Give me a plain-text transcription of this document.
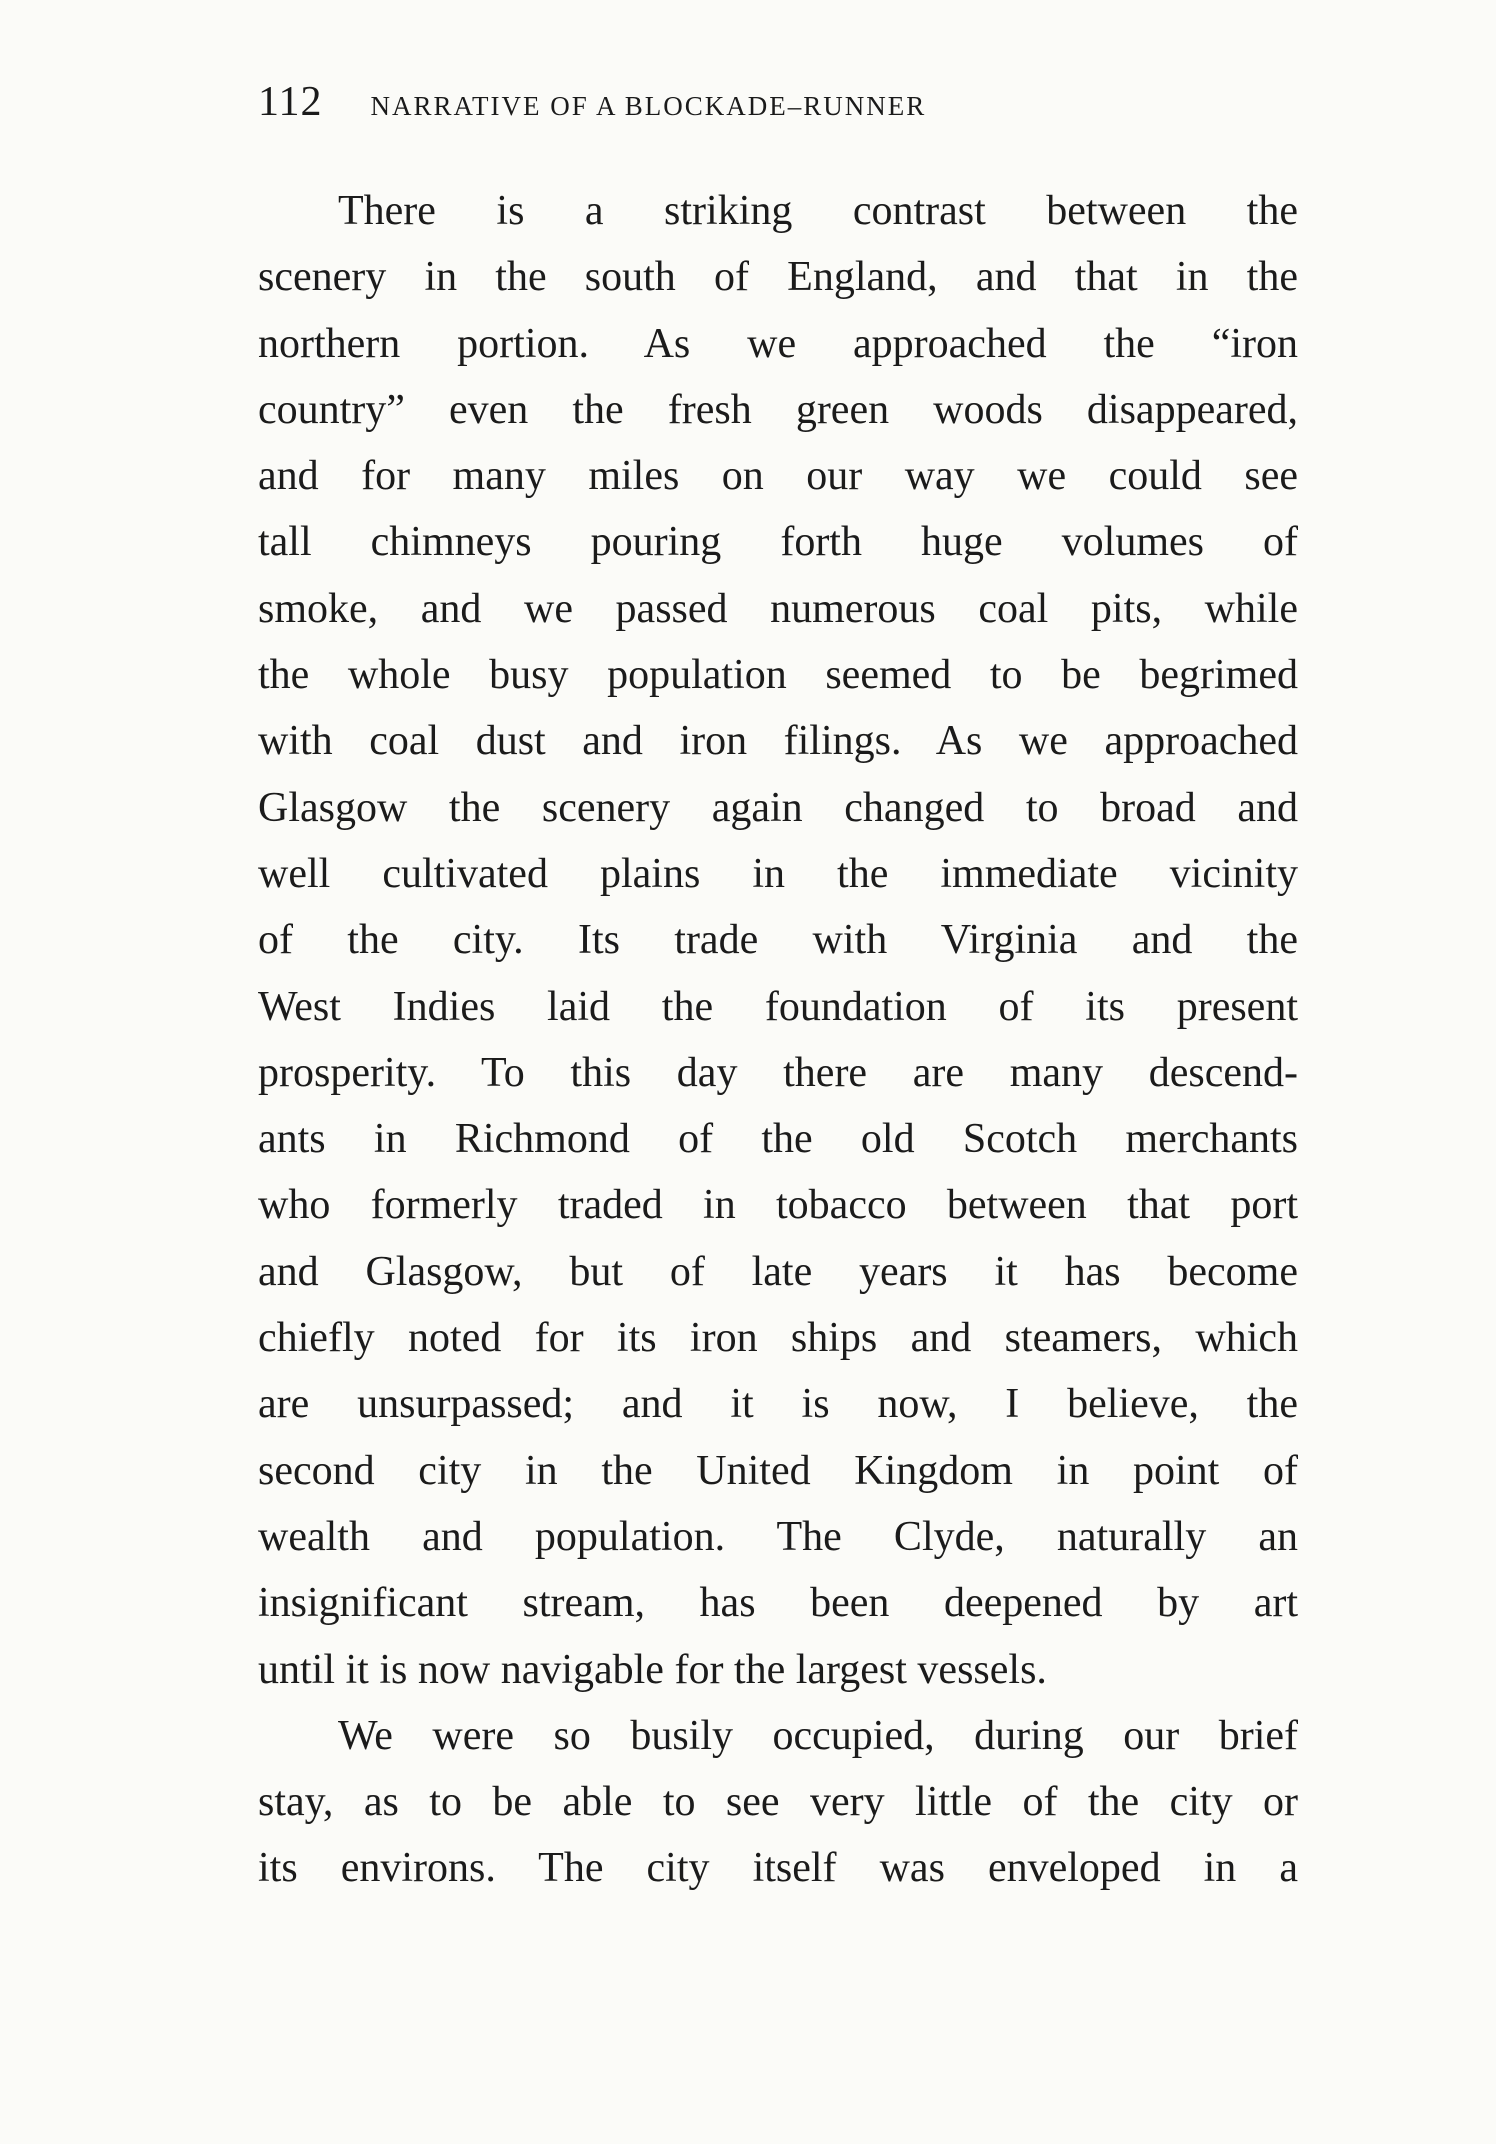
112 NARRATIVE OF A BLOCKADE–RUNNER
There is a striking contrast between the
scenery in the south of England, and that in the
northern portion. As we approached the “iron
country” even the fresh green woods disappeared,
and for many miles on our way we could see
tall chimneys pouring forth huge volumes of
smoke, and we passed numerous coal pits, while
the whole busy population seemed to be begrimed
with coal dust and iron filings. As we approached
Glasgow the scenery again changed to broad and
well cultivated plains in the immediate vicinity
of the city. Its trade with Virginia and the
West Indies laid the foundation of its present
prosperity. To this day there are many descend-
ants in Richmond of the old Scotch merchants
who formerly traded in tobacco between that port
and Glasgow, but of late years it has become
chiefly noted for its iron ships and steamers, which
are unsurpassed; and it is now, I believe, the
second city in the United Kingdom in point of
wealth and population. The Clyde, naturally an
insignificant stream, has been deepened by art
until it is now navigable for the largest vessels.
We were so busily occupied, during our brief
stay, as to be able to see very little of the city or
its environs. The city itself was enveloped in a
